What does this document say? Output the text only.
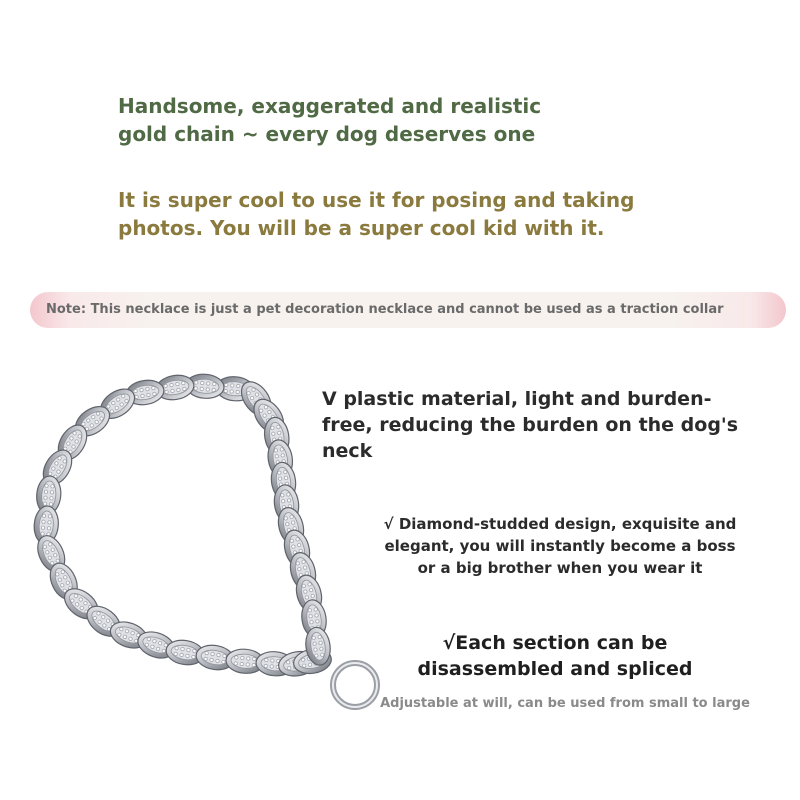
Handsome, exaggerated and realistic
gold chain ~ every dog deserves one
It is super cool to use it for posing and taking
photos. You will be a super cool kid with it.
Note: This necklace is just a pet decoration necklace and cannot be used as a traction collar
V plastic material, light and burden-free, reducing the burden on the dog's neck
√ Diamond-studded design, exquisite and elegant, you will instantly become a boss or a big brother when you wear it
√Each section can be disassembled and spliced
Adjustable at will, can be used from small to large
